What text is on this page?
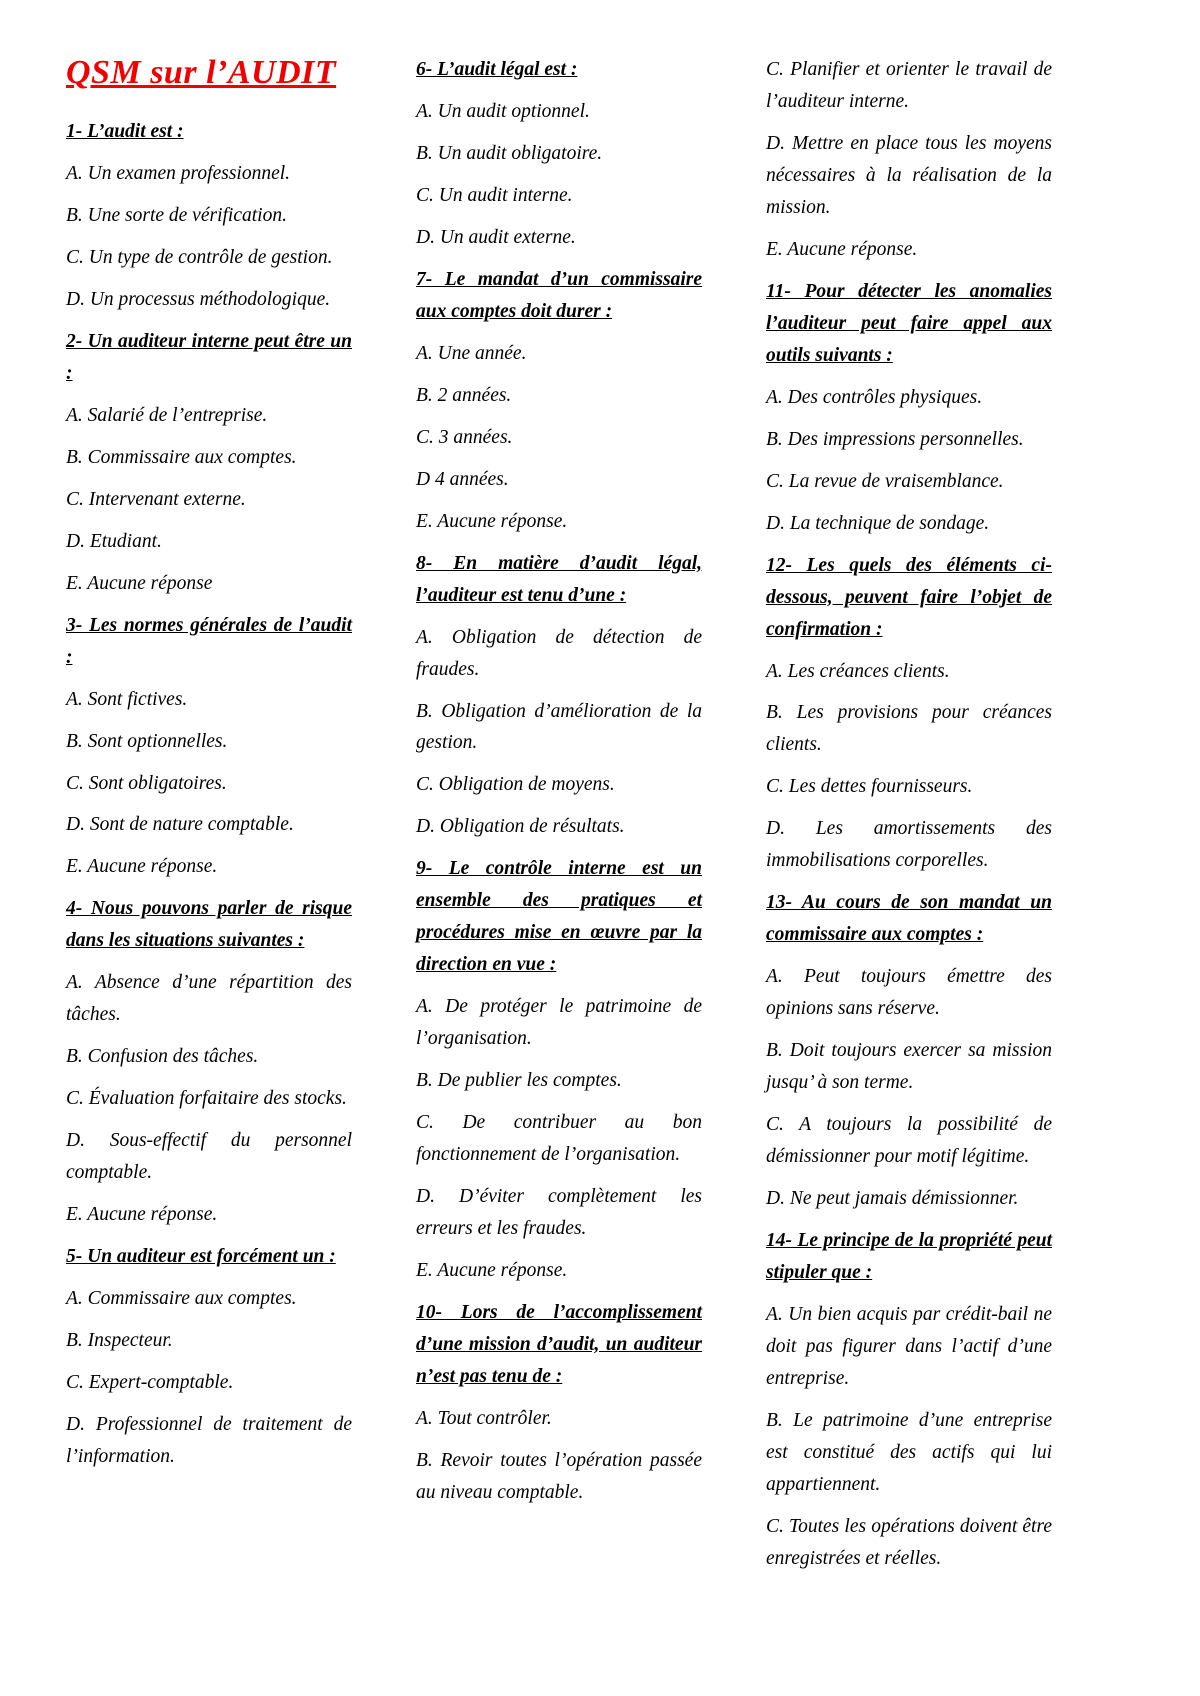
QSM sur l’AUDIT

1- L’audit est :

A. Un examen professionnel.

B. Une sorte de vérification.

C. Un type de contrôle de gestion.

D. Un processus méthodologique.

2- Un auditeur interne peut être un :

A. Salarié de l’entreprise.

B. Commissaire aux comptes.

C. Intervenant externe.

D. Etudiant.

E. Aucune réponse

3- Les normes générales de l’audit :

A. Sont fictives.

B. Sont optionnelles.

C. Sont obligatoires.

D. Sont de nature comptable.

E. Aucune réponse.

4- Nous pouvons parler de risque dans les situations suivantes :

A. Absence d’une répartition des tâches.

B. Confusion des tâches.

C. Évaluation forfaitaire des stocks.

D. Sous-effectif du personnel comptable.

E. Aucune réponse.

5- Un auditeur est forcément un :

A. Commissaire aux comptes.

B. Inspecteur.

C. Expert-comptable.

D. Professionnel de traitement de l’information.

6- L’audit légal est :

A. Un audit optionnel.

B. Un audit obligatoire.

C. Un audit interne.

D. Un audit externe.

7- Le mandat d’un commissaire aux comptes doit durer :

A. Une année.

B. 2 années.

C. 3 années.

D 4 années.

E. Aucune réponse.

8- En matière d’audit légal, l’auditeur est tenu d’une :

A. Obligation de détection de fraudes.

B. Obligation d’amélioration de la gestion.

C. Obligation de moyens.

D. Obligation de résultats.

9- Le contrôle interne est un ensemble des pratiques et procédures mise en œuvre par la direction en vue :

A. De protéger le patrimoine de l’organisation.

B. De publier les comptes.

C. De contribuer au bon fonctionnement de l’organisation.

D. D’éviter complètement les erreurs et les fraudes.

E. Aucune réponse.

10- Lors de l’accomplissement d’une mission d’audit, un auditeur n’est pas tenu de :

A. Tout contrôler.

B. Revoir toutes l’opération passée au niveau comptable.

C. Planifier et orienter le travail de l’auditeur interne.

D. Mettre en place tous les moyens nécessaires à la réalisation de la mission.

E. Aucune réponse.

11- Pour détecter les anomalies l’auditeur peut faire appel aux outils suivants :

A. Des contrôles physiques.

B. Des impressions personnelles.

C. La revue de vraisemblance.

D. La technique de sondage.

12- Les quels des éléments ci-dessous, peuvent faire l’objet de confirmation :

A. Les créances clients.

B. Les provisions pour créances clients.

C. Les dettes fournisseurs.

D. Les amortissements des immobilisations corporelles.

13- Au cours de son mandat un commissaire aux comptes :

A. Peut toujours émettre des opinions sans réserve.

B. Doit toujours exercer sa mission jusqu’ à son terme.

C. A toujours la possibilité de démissionner pour motif légitime.

D. Ne peut jamais démissionner.

14- Le principe de la propriété peut stipuler que :

A. Un bien acquis par crédit-bail ne doit pas figurer dans l’actif d’une entreprise.

B. Le patrimoine d’une entreprise est constitué des actifs qui lui appartiennent.

C. Toutes les opérations doivent être enregistrées et réelles.
